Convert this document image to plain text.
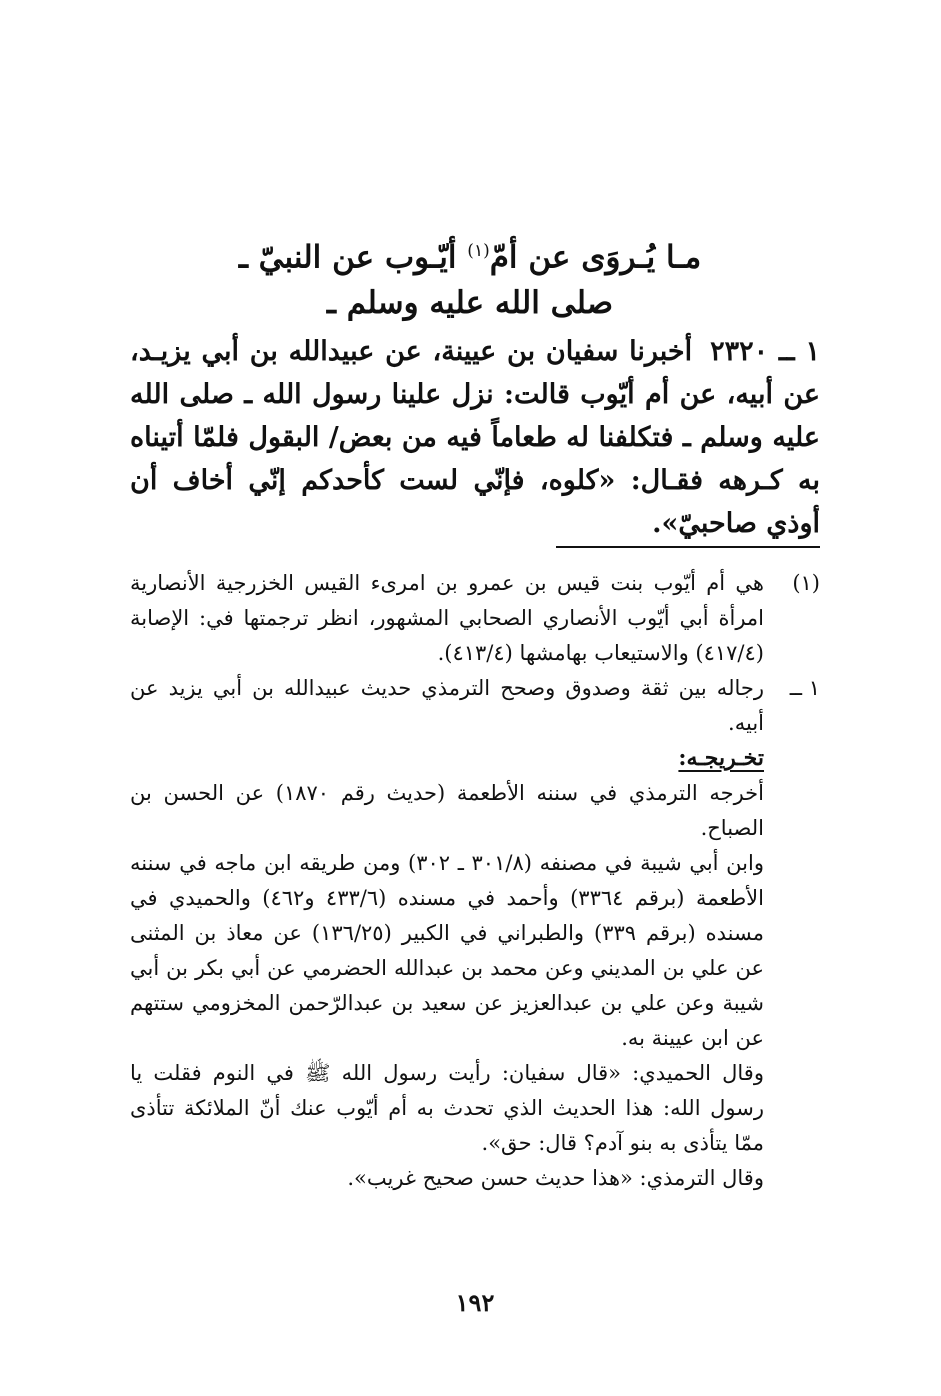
مـا يُـروَى عن أمّ$^{(١)}$ أيّـوب عن النبيّ ـ
صلى الله عليه وسلم ـ
١ ــ ٢٣٢٠أخبرنا سفيان بن عيينة، عن عبيدالله بن أبي يزيـد، عن أبيه، عن أم أيّوب قالت: نزل علينا رسول الله ـ صلى الله عليه وسلم ـ فتكلفنا له طعاماً فيه من بعض/ البقول فلمّا أتيناه به كـرهه فقـال: «كلوه، فإنّي لست كأحدكم إنّي أخاف أن أوذي صاحبيّ».
(١)
هي أم أيّوب بنت قيس بن عمرو بن امرىء القيس الخزرجية الأنصارية امرأة أبي أيّوب الأنصاري الصحابي المشهور، انظر ترجمتها في: الإصابة (٤١٧/٤) والاستيعاب بهامشها (٤١٣/٤).
١ ــ
رجاله بين ثقة وصدوق وصحح الترمذي حديث عبيدالله بن أبي يزيد عن أبيه.
تخـريجـه:
أخرجه الترمذي في سننه الأطعمة (حديث رقم ١٨٧٠) عن الحسن بن الصباح.
وابن أبي شيبة في مصنفه (٣٠١/٨ ـ ٣٠٢) ومن طريقه ابن ماجه في سننه الأطعمة (برقم ٣٣٦٤) وأحمد في مسنده (٤٣٣/٦ و٤٦٢) والحميدي في مسنده (برقم ٣٣٩) والطبراني في الكبير (١٣٦/٢٥) عن معاذ بن المثنى عن علي بن المديني وعن محمد بن عبدالله الحضرمي عن أبي بكر بن أبي شيبة وعن علي بن عبدالعزيز عن سعيد بن عبدالرّحمن المخزومي ستتهم عن ابن عيينة به.
وقال الحميدي: «قال سفيان: رأيت رسول الله ﷺ في النوم فقلت يا رسول الله: هذا الحديث الذي تحدث به أم أيّوب عنك أنّ الملائكة تتأذى ممّا يتأذى به بنو آدم؟ قال: حق».
وقال الترمذي: «هذا حديث حسن صحيح غريب».
١٩٢
